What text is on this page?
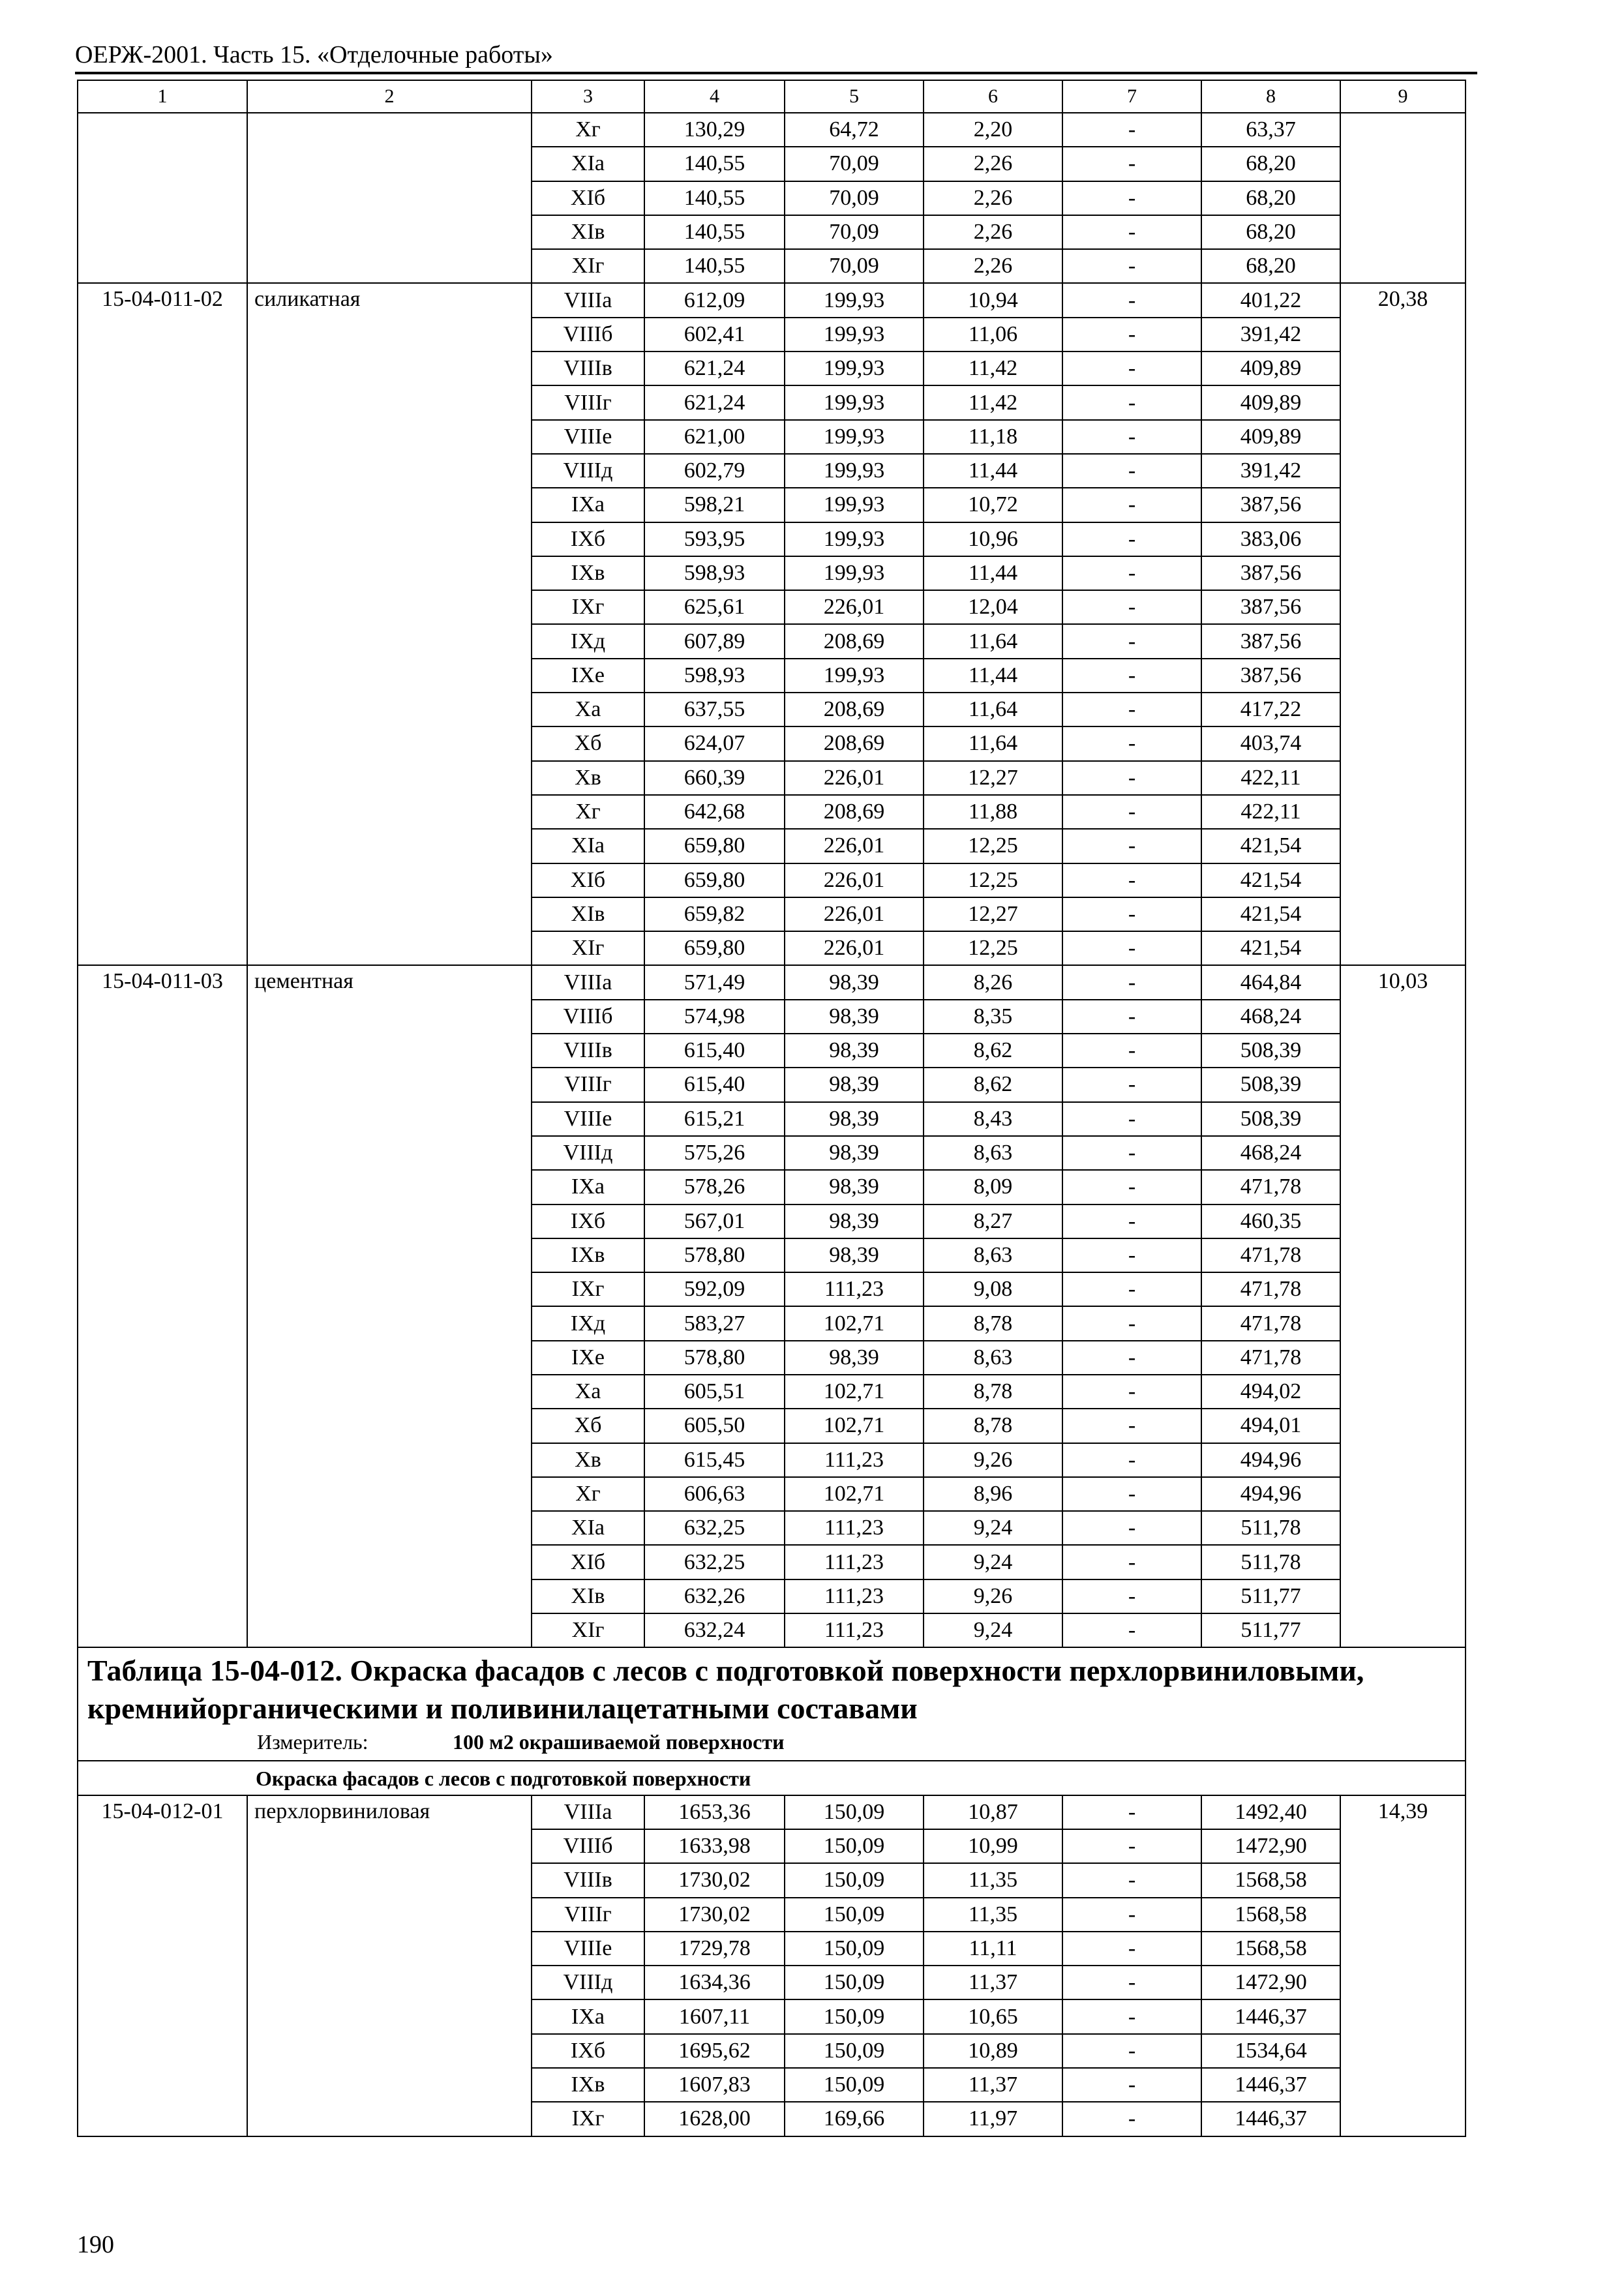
ОЕРЖ-2001. Часть 15. «Отделочные работы»
1	2	3	4	5	6	7	8	9
		Xг	130,29	64,72	2,20	-	63,37	
		XIа	140,55	70,09	2,26	-	68,20	
		XIб	140,55	70,09	2,26	-	68,20	
		XIв	140,55	70,09	2,26	-	68,20	
		XIг	140,55	70,09	2,26	-	68,20	
15-04-011-02	силикатная	VIIIа	612,09	199,93	10,94	-	401,22	20,38
		VIIIб	602,41	199,93	11,06	-	391,42	
		VIIIв	621,24	199,93	11,42	-	409,89	
		VIIIг	621,24	199,93	11,42	-	409,89	
		VIIIе	621,00	199,93	11,18	-	409,89	
		VIIIд	602,79	199,93	11,44	-	391,42	
		IXа	598,21	199,93	10,72	-	387,56	
		IXб	593,95	199,93	10,96	-	383,06	
		IXв	598,93	199,93	11,44	-	387,56	
		IXг	625,61	226,01	12,04	-	387,56	
		IXд	607,89	208,69	11,64	-	387,56	
		IXе	598,93	199,93	11,44	-	387,56	
		Xа	637,55	208,69	11,64	-	417,22	
		Xб	624,07	208,69	11,64	-	403,74	
		Xв	660,39	226,01	12,27	-	422,11	
		Xг	642,68	208,69	11,88	-	422,11	
		XIа	659,80	226,01	12,25	-	421,54	
		XIб	659,80	226,01	12,25	-	421,54	
		XIв	659,82	226,01	12,27	-	421,54	
		XIг	659,80	226,01	12,25	-	421,54	
15-04-011-03	цементная	VIIIа	571,49	98,39	8,26	-	464,84	10,03
		VIIIб	574,98	98,39	8,35	-	468,24	
		VIIIв	615,40	98,39	8,62	-	508,39	
		VIIIг	615,40	98,39	8,62	-	508,39	
		VIIIе	615,21	98,39	8,43	-	508,39	
		VIIIд	575,26	98,39	8,63	-	468,24	
		IXа	578,26	98,39	8,09	-	471,78	
		IXб	567,01	98,39	8,27	-	460,35	
		IXв	578,80	98,39	8,63	-	471,78	
		IXг	592,09	111,23	9,08	-	471,78	
		IXд	583,27	102,71	8,78	-	471,78	
		IXе	578,80	98,39	8,63	-	471,78	
		Xа	605,51	102,71	8,78	-	494,02	
		Xб	605,50	102,71	8,78	-	494,01	
		Xв	615,45	111,23	9,26	-	494,96	
		Xг	606,63	102,71	8,96	-	494,96	
		XIа	632,25	111,23	9,24	-	511,78	
		XIб	632,25	111,23	9,24	-	511,78	
		XIв	632,26	111,23	9,26	-	511,77	
		XIг	632,24	111,23	9,24	-	511,77	

Таблица 15-04-012. Окраска фасадов с лесов с подготовкой поверхности перхлорвиниловыми, кремнийорганическими и поливинилацетатными составами
Измеритель: 100 м2 окрашиваемой поверхности								

Окраска фасадов с лесов с подготовкой поверхности								
15-04-012-01	перхлорвиниловая	VIIIа	1653,36	150,09	10,87	-	1492,40	14,39
		VIIIб	1633,98	150,09	10,99	-	1472,90	
		VIIIв	1730,02	150,09	11,35	-	1568,58	
		VIIIг	1730,02	150,09	11,35	-	1568,58	
		VIIIе	1729,78	150,09	11,11	-	1568,58	
		VIIIд	1634,36	150,09	11,37	-	1472,90	
		IXа	1607,11	150,09	10,65	-	1446,37	
		IXб	1695,62	150,09	10,89	-	1534,64	
		IXв	1607,83	150,09	11,37	-	1446,37	
		IXг	1628,00	169,66	11,97	-	1446,37	
190
